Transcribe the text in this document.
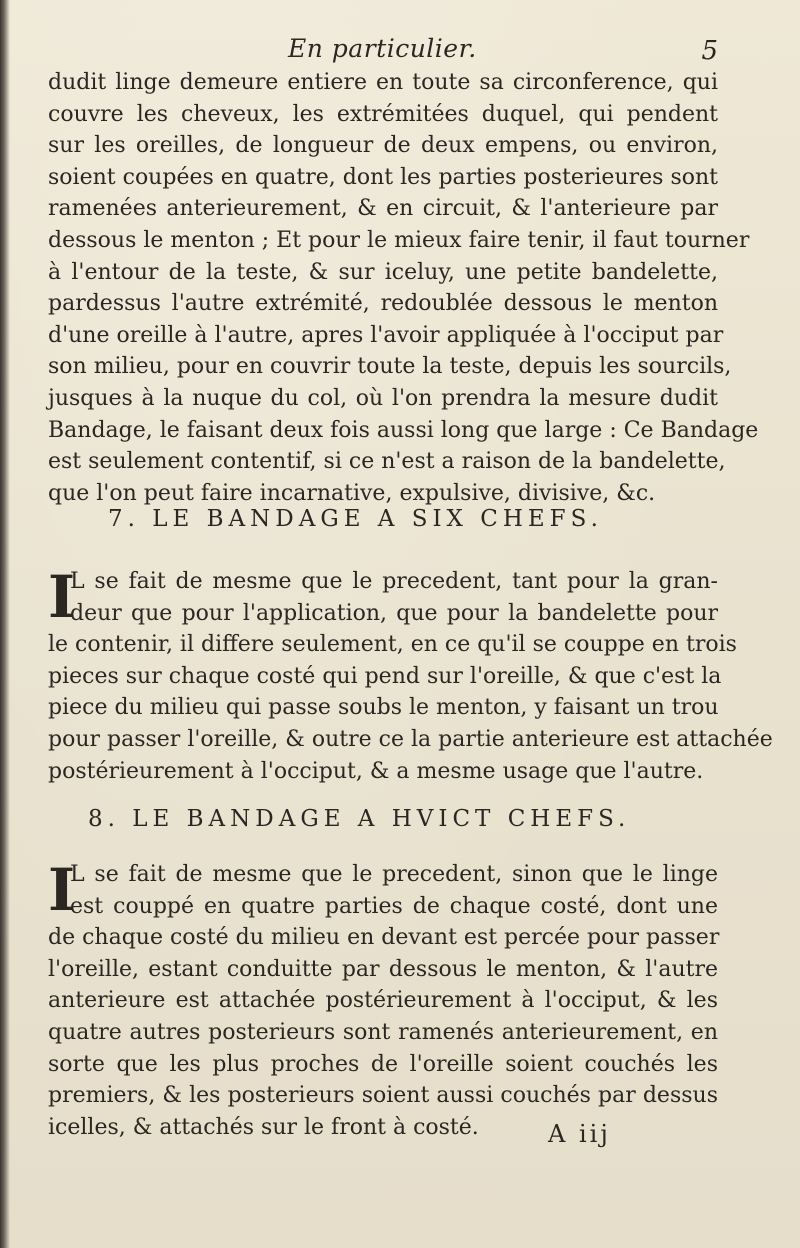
En particulier.	5
dudit linge demeure entiere en toute sa circonference, qui
couvre les cheveux, les extrémitées duquel, qui pendent
sur les oreilles, de longueur de deux empens, ou environ,
soient coupées en quatre, dont les parties posterieures sont
ramenées anterieurement, & en circuit, & l'anterieure par
dessous le menton ; Et pour le mieux faire tenir, il faut tourner
à l'entour de la teste, & sur iceluy, une petite bandelette,
pardessus l'autre extrémité, redoublée dessous le menton
d'une oreille à l'autre, apres l'avoir appliquée à l'occiput par
son milieu, pour en couvrir toute la teste, depuis les sourcils,
jusques à la nuque du col, où l'on prendra la mesure dudit
Bandage, le faisant deux fois aussi long que large : Ce Bandage
est seulement contentif, si ce n'est a raison de la bandelette,
que l'on peut faire incarnative, expulsive, divisive, &c.
7. LE BANDAGE A SIX CHEFS.
I
L se fait de mesme que le precedent, tant pour la gran-
deur que pour l'application, que pour la bandelette pour
le contenir, il differe seulement, en ce qu'il se couppe en trois
pieces sur chaque costé qui pend sur l'oreille, & que c'est la
piece du milieu qui passe soubs le menton, y faisant un trou
pour passer l'oreille, & outre ce la partie anterieure est attachée
postérieurement à l'occiput, & a mesme usage que l'autre.
8. LE BANDAGE A HVICT CHEFS.
I
L se fait de mesme que le precedent, sinon que le linge
est couppé en quatre parties de chaque costé, dont une
de chaque costé du milieu en devant est percée pour passer
l'oreille, estant conduitte par dessous le menton, & l'autre
anterieure est attachée postérieurement à l'occiput, & les
quatre autres posterieurs sont ramenés anterieurement, en
sorte que les plus proches de l'oreille soient couchés les
premiers, & les posterieurs soient aussi couchés par dessus
icelles, & attachés sur le front à costé.	A iij
